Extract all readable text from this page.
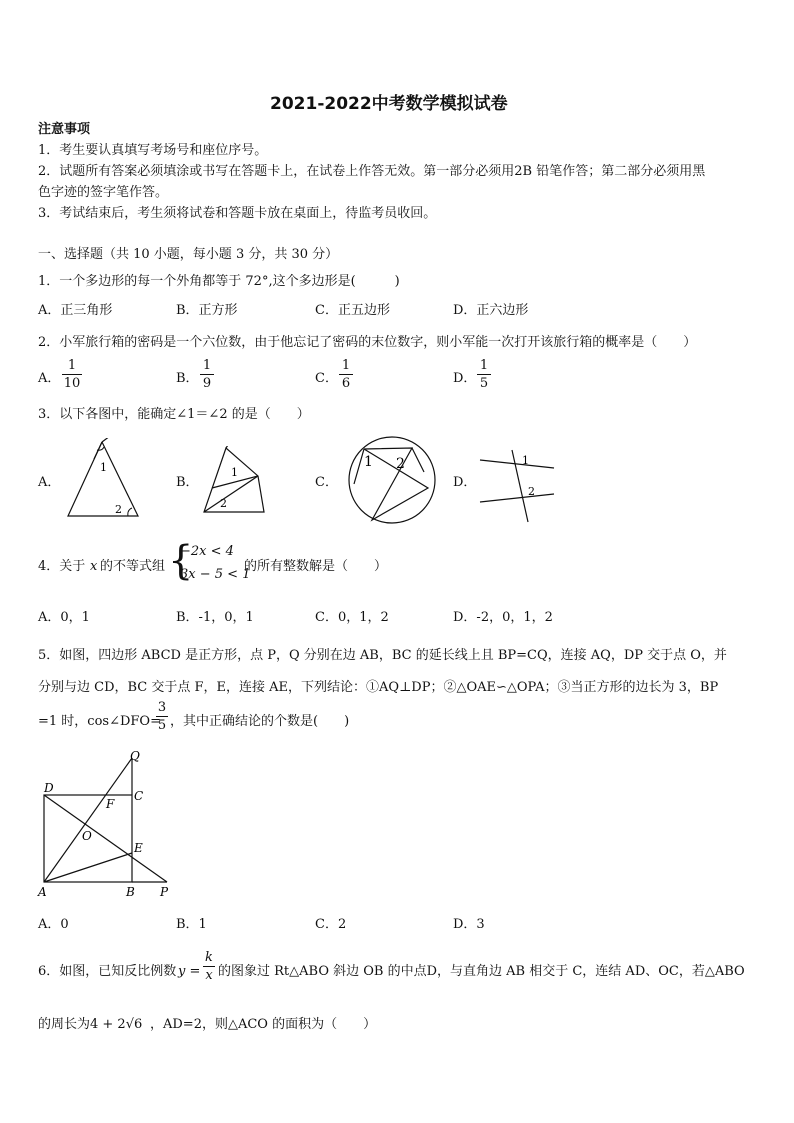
2021-2022中考数学模拟试卷
注意事项
1．考生要认真填写考场号和座位序号。
2．试题所有答案必须填涂或书写在答题卡上，在试卷上作答无效。第一部分必须用2B 铅笔作答；第二部分必须用黑
色字迹的签字笔作答。
3．考试结束后，考生须将试卷和答题卡放在桌面上，待监考员收回。
一、选择题（共 10 小题，每小题 3 分，共 30 分）
1．一个多边形的每一个外角都等于 72°,这个多边形是(　　　)
A．正三角形	B．正方形	C．正五边形	D．正六边形
2．小军旅行箱的密码是一个六位数，由于他忘记了密码的末位数字，则小军能一次打开该旅行箱的概率是（　　）
A．
1
10	B．
1
9	C．
1
6	D．
1
5
3．以下各图中，能确定∠1＝∠2 的是（　　）
A．	B．	C．	D．
1
2
1
2
1 2	1
2
4．关于 x 的不等式组 {
−2x < 4
3x − 5 < 1
的所有整数解是（　　）
A．0，1	B．-1，0，1	C．0，1，2	D．-2，0，1，2
5．如图，四边形 ABCD 是正方形，点 P，Q 分别在边 AB，BC 的延长线上且 BP=CQ，连接 AQ，DP 交于点 O，并
分别与边 CD，BC 交于点 F，E，连接 AE，下列结论：①AQ⊥DP；②△OAE∽△OPA；③当正方形的边长为 3，BP
=1 时，cos∠DFO=
3
5 ，其中正确结论的个数是(　　)
Q
D
C
F
O
E
A	B P
A．0	B．1	C．2	D．3
6．如图，已知反比例数 y =
k
x 的图象过 Rt△ABO 斜边 OB 的中点D，与直角边 AB 相交于 C，连结 AD、OC，若△ABO
的周长为 4 + 2√6 ，AD=2，则△ACO 的面积为（　　）
